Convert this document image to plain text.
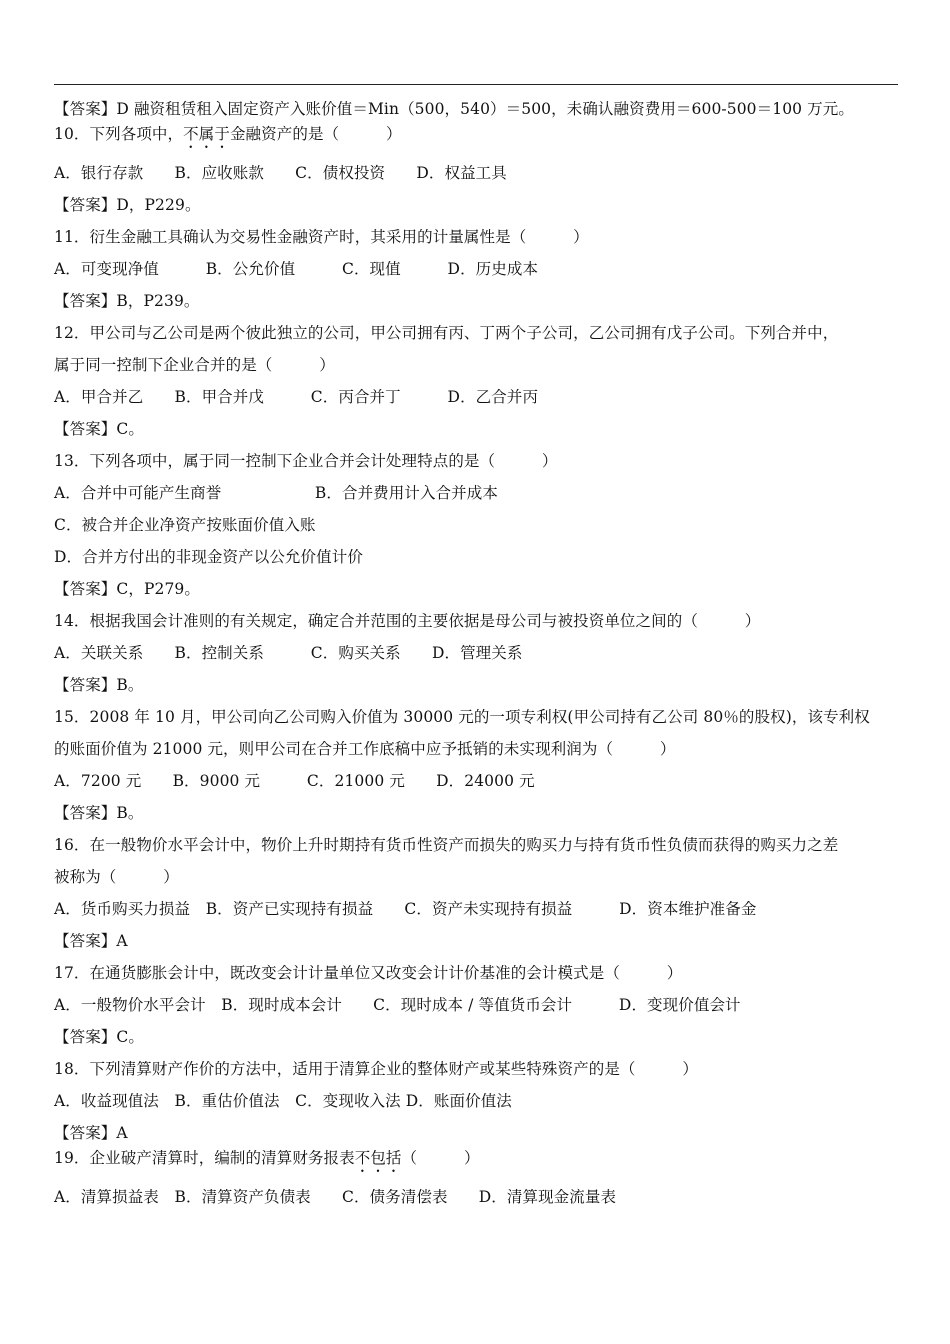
【答案】D 融资租赁租入固定资产入账价值＝Min（500，540）＝500，未确认融资费用＝600-500＝100 万元。
10．下列各项中，不属于金融资产的是（　　　）
A．银行存款　　B．应收账款　　C．债权投资　　D．权益工具
【答案】D，P229。
11．衍生金融工具确认为交易性金融资产时，其采用的计量属性是（　　　）
A．可变现净值　　　B．公允价值　　　C．现值　　　D．历史成本
【答案】B，P239。
12．甲公司与乙公司是两个彼此独立的公司，甲公司拥有丙、丁两个子公司，乙公司拥有戊子公司。下列合并中，
属于同一控制下企业合并的是（　　　）
A．甲合并乙　　B．甲合并戊　　　C．丙合并丁　　　D．乙合并丙
【答案】C。
13．下列各项中，属于同一控制下企业合并会计处理特点的是（　　　）
A．合并中可能产生商誉　　　　　　B．合并费用计入合并成本
C．被合并企业净资产按账面价值入账
D．合并方付出的非现金资产以公允价值计价
【答案】C，P279。
14．根据我国会计准则的有关规定，确定合并范围的主要依据是母公司与被投资单位之间的（　　　）
A．关联关系　　B．控制关系　　　C．购买关系　　D．管理关系
【答案】B。
15．2008 年 10 月，甲公司向乙公司购入价值为 30000 元的一项专利权(甲公司持有乙公司 80％的股权)，该专利权
的账面价值为 21000 元，则甲公司在合并工作底稿中应予抵销的未实现利润为（　　　）
A．7200 元　　B．9000 元　　　C．21000 元　　D．24000 元
【答案】B。
16．在一般物价水平会计中，物价上升时期持有货币性资产而损失的购买力与持有货币性负债而获得的购买力之差
被称为（　　　）
A．货币购买力损益　B．资产已实现持有损益　　C．资产未实现持有损益　　　D．资本维护准备金
【答案】A
17．在通货膨胀会计中，既改变会计计量单位又改变会计计价基准的会计模式是（　　　）
A．一般物价水平会计　B．现时成本会计　　C．现时成本 / 等值货币会计　　　D．变现价值会计
【答案】C。
18．下列清算财产作价的方法中，适用于清算企业的整体财产或某些特殊资产的是（　　　）
A．收益现值法　B．重估价值法　C．变现收入法 D．账面价值法
【答案】A
19．企业破产清算时，编制的清算财务报表不包括（　　　）
A．清算损益表　B．清算资产负债表　　C．债务清偿表　　D．清算现金流量表
